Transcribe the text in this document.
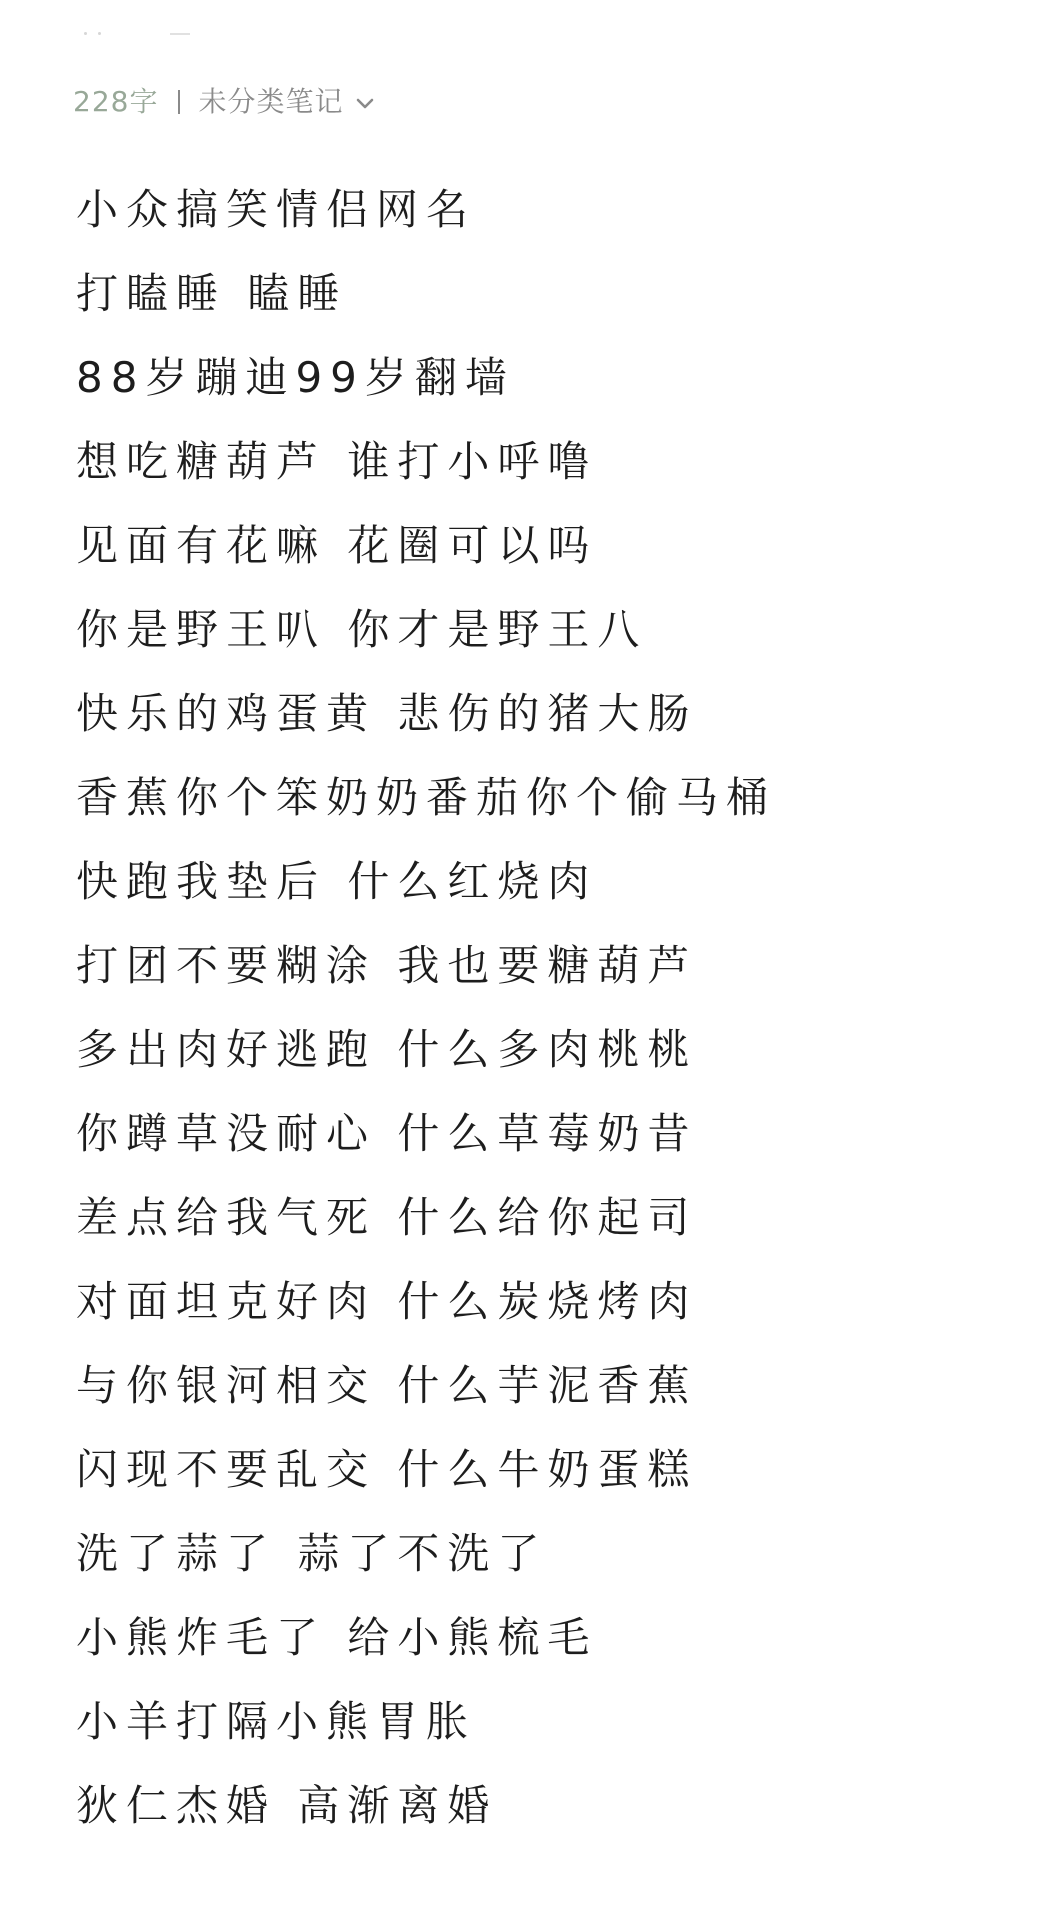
228字 未分类笔记

小众搞笑情侣网名

打瞌睡 瞌睡

88岁蹦迪99岁翻墙

想吃糖葫芦 谁打小呼噜

见面有花嘛 花圈可以吗

你是野王叭 你才是野王八

快乐的鸡蛋黄 悲伤的猪大肠

香蕉你个笨奶奶番茄你个偷马桶

快跑我垫后 什么红烧肉

打团不要糊涂 我也要糖葫芦

多出肉好逃跑 什么多肉桃桃

你蹲草没耐心 什么草莓奶昔

差点给我气死 什么给你起司

对面坦克好肉 什么炭烧烤肉

与你银河相交 什么芋泥香蕉

闪现不要乱交 什么牛奶蛋糕

洗了蒜了 蒜了不洗了

小熊炸毛了 给小熊梳毛

小羊打隔小熊胃胀

狄仁杰婚 高渐离婚
